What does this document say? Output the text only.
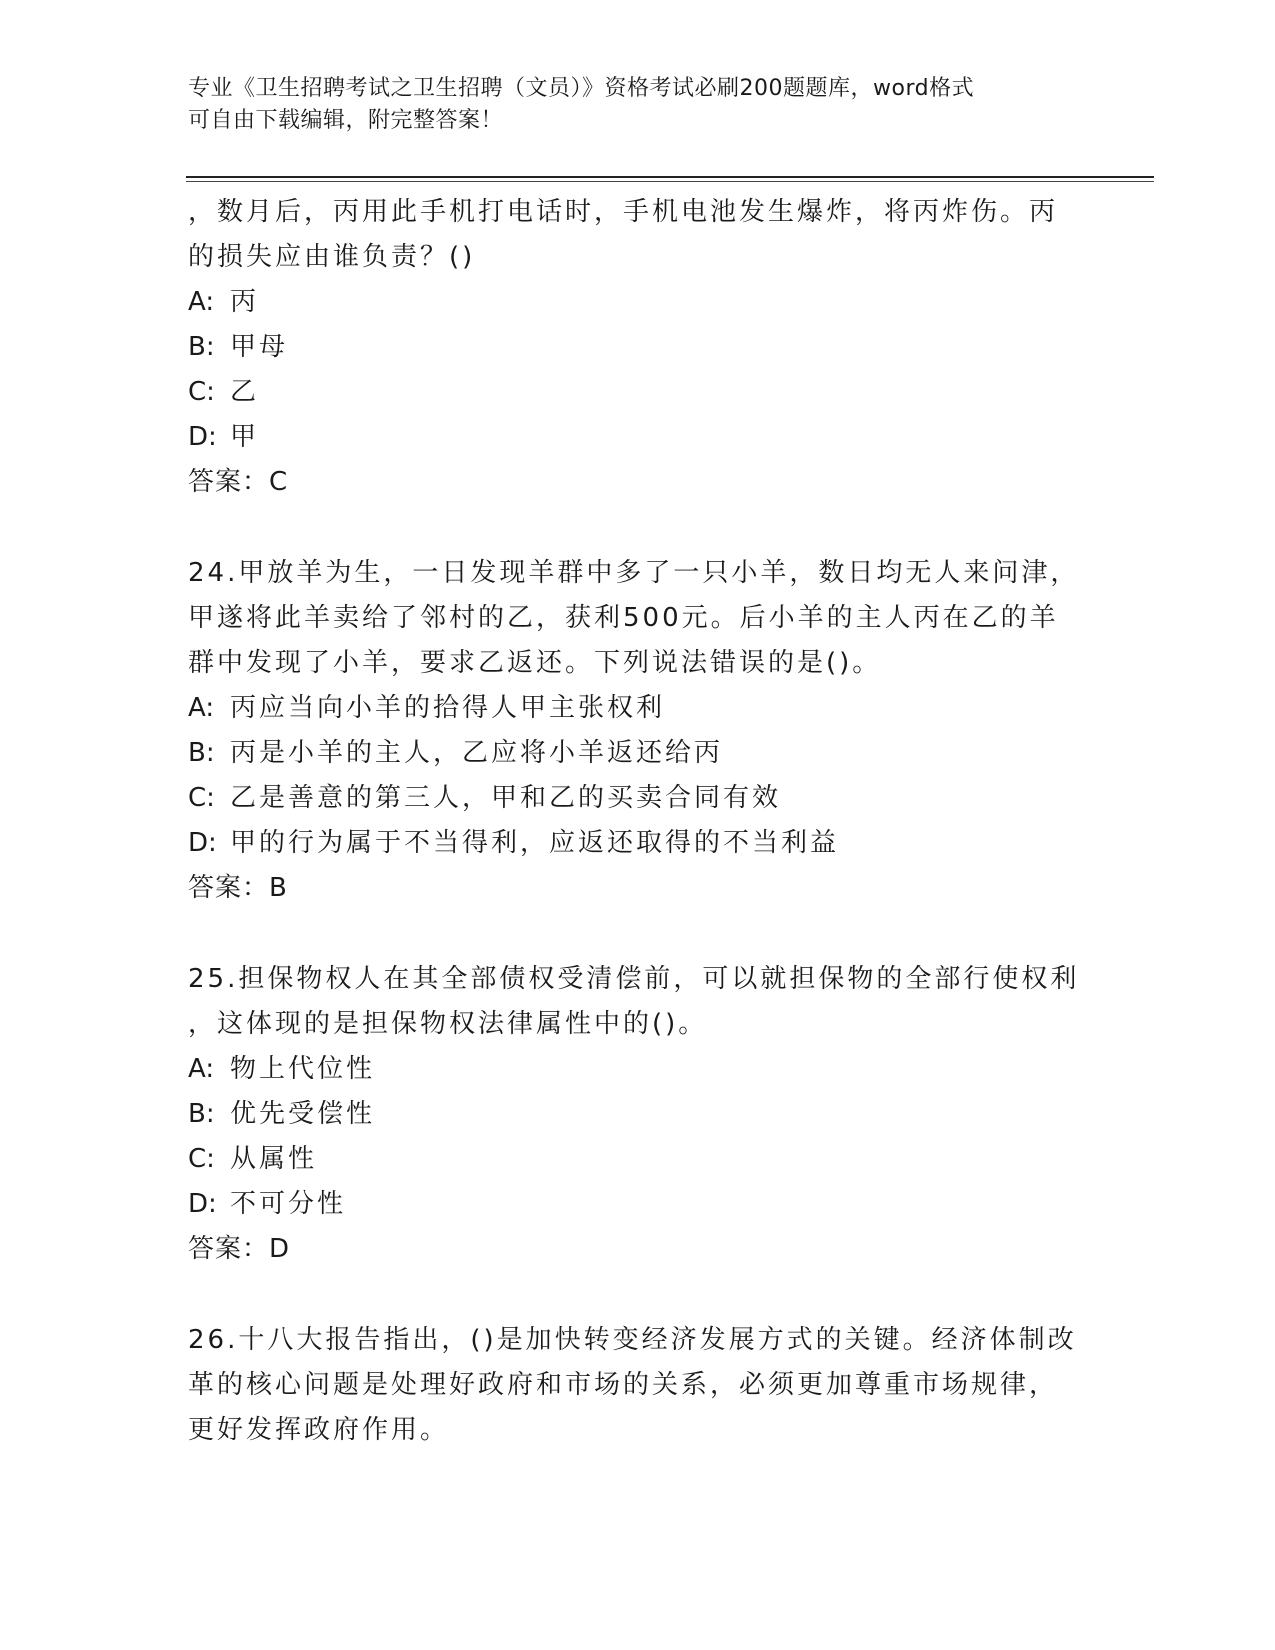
专业《卫生招聘考试之卫生招聘（文员）》资格考试必刷200题题库，word格式
可自由下载编辑，附完整答案！
，数月后，丙用此手机打电话时，手机电池发生爆炸，将丙炸伤。丙
的损失应由谁负责？()
A: 丙
B: 甲母
C: 乙
D: 甲
答案：C
24.甲放羊为生，一日发现羊群中多了一只小羊，数日均无人来问津，
甲遂将此羊卖给了邻村的乙，获利500元。后小羊的主人丙在乙的羊
群中发现了小羊，要求乙返还。下列说法错误的是()。
A: 丙应当向小羊的拾得人甲主张权利
B: 丙是小羊的主人，乙应将小羊返还给丙
C: 乙是善意的第三人，甲和乙的买卖合同有效
D: 甲的行为属于不当得利，应返还取得的不当利益
答案：B
25.担保物权人在其全部债权受清偿前，可以就担保物的全部行使权利
，这体现的是担保物权法律属性中的()。
A: 物上代位性
B: 优先受偿性
C: 从属性
D: 不可分性
答案：D
26.十八大报告指出，()是加快转变经济发展方式的关键。经济体制改
革的核心问题是处理好政府和市场的关系，必须更加尊重市场规律，
更好发挥政府作用。
